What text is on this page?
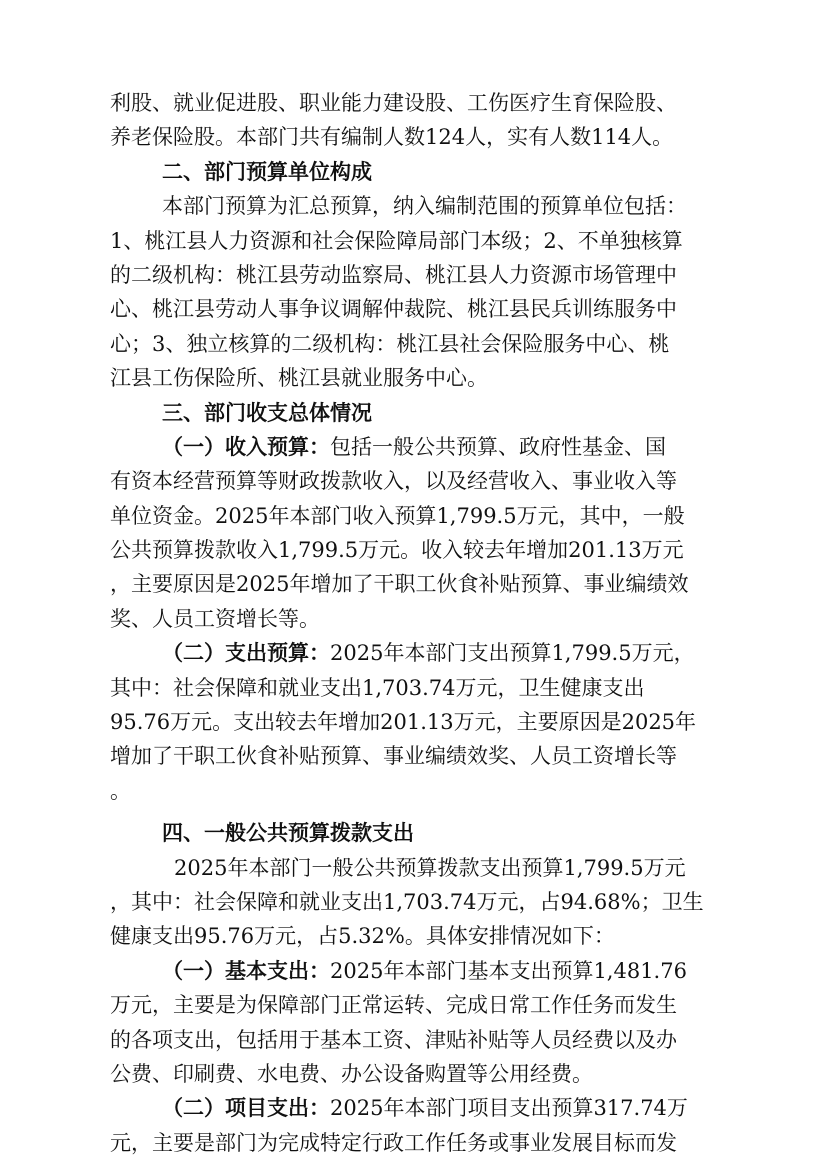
利股、就业促进股、职业能力建设股、工伤医疗生育保险股、
养老保险股。本部门共有编制人数124人，实有人数114人。
二、部门预算单位构成
本部门预算为汇总预算，纳入编制范围的预算单位包括：
1、桃江县人力资源和社会保险障局部门本级；2、不单独核算
的二级机构：桃江县劳动监察局、桃江县人力资源市场管理中
心、桃江县劳动人事争议调解仲裁院、桃江县民兵训练服务中
心；3、独立核算的二级机构：桃江县社会保险服务中心、桃
江县工伤保险所、桃江县就业服务中心。
三、部门收支总体情况
（一）收入预算：包括一般公共预算、政府性基金、国
有资本经营预算等财政拨款收入，以及经营收入、事业收入等
单位资金。2025年本部门收入预算1,799.5万元，其中，一般
公共预算拨款收入1,799.5万元。收入较去年增加201.13万元
，主要原因是2025年增加了干职工伙食补贴预算、事业编绩效
奖、人员工资增长等。
（二）支出预算：2025年本部门支出预算1,799.5万元，
其中：社会保障和就业支出1,703.74万元，卫生健康支出
95.76万元。支出较去年增加201.13万元，主要原因是2025年
增加了干职工伙食补贴预算、事业编绩效奖、人员工资增长等
。
四、一般公共预算拨款支出
2025年本部门一般公共预算拨款支出预算1,799.5万元
，其中：社会保障和就业支出1,703.74万元，占94.68%；卫生
健康支出95.76万元，占5.32%。具体安排情况如下：
（一）基本支出：2025年本部门基本支出预算1,481.76
万元，主要是为保障部门正常运转、完成日常工作任务而发生
的各项支出，包括用于基本工资、津贴补贴等人员经费以及办
公费、印刷费、水电费、办公设备购置等公用经费。
（二）项目支出：2025年本部门项目支出预算317.74万
元，主要是部门为完成特定行政工作任务或事业发展目标而发
